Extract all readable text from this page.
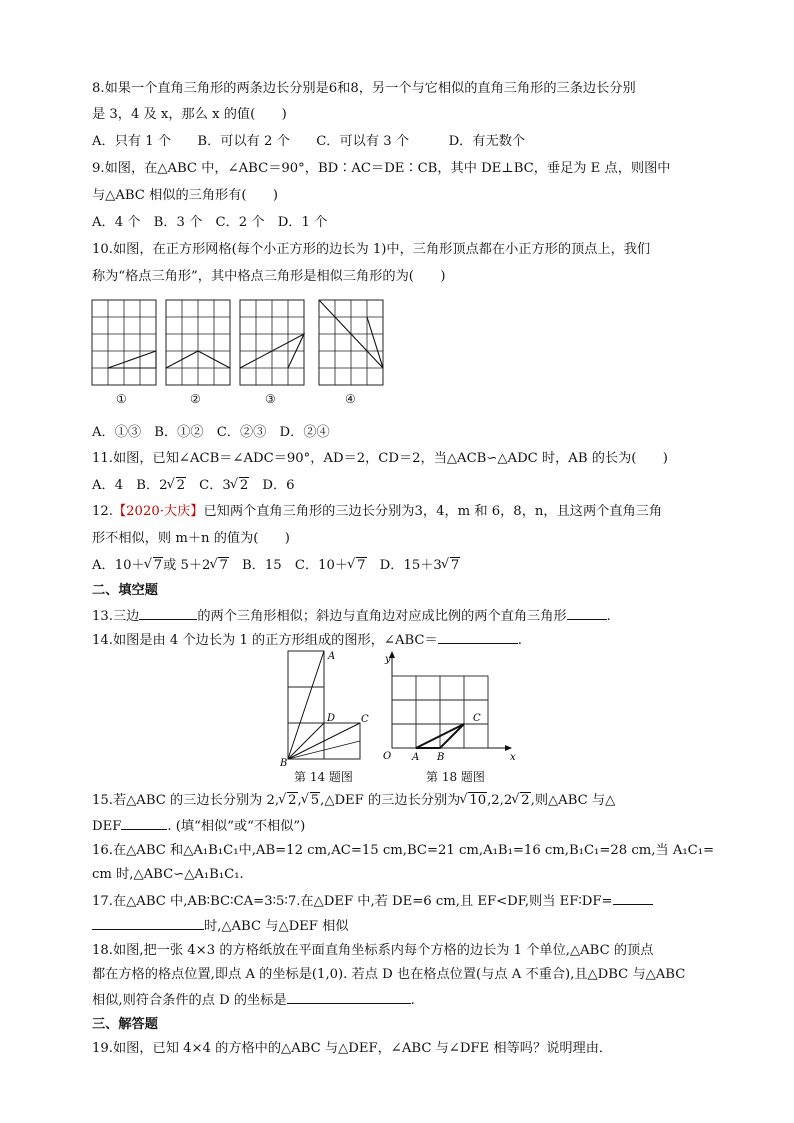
8.如果一个直角三角形的两条边长分别是6和8，另一个与它相似的直角三角形的三条边长分别
是 3，4 及 x，那么 x 的值(　　)
A．只有 1 个　　B．可以有 2 个　　C．可以有 3 个　　　D．有无数个
9.如图，在△ABC 中，∠ABC＝90°，BD∶AC＝DE∶CB，其中 DE⊥BC，垂足为 E 点，则图中
与△ABC 相似的三角形有(　　)
A．4 个　B．3 个　C．2 个　D．1 个
10.如图，在正方形网格(每个小正方形的边长为 1)中，三角形顶点都在小正方形的顶点上，我们
称为“格点三角形”，其中格点三角形是相似三角形的为(　　)
①	②	③	④
A．①③　B．①②　C．②③　D．②④
11.如图，已知∠ACB＝∠ADC＝90°，AD＝2，CD＝2，当△ACB∽△ADC 时，AB 的长为(　　)
A．4　B．2 √ 2　C．3 √ 2　D．6
12.【2020·大庆】已知两个直角三角形的三边长分别为3，4，m 和 6，8，n，且这两个直角三角
形不相似，则 m＋n 的值为(　　)
A．10＋ √ 7或 5＋2 √ 7　B．15　C．10＋ √ 7　D．15＋3 √ 7
二、填空题
13.三边	的两个三角形相似；斜边与直角边对应成比例的两个直角三角形	.
14.如图是由 4 个边长为 1 的正方形组成的图形，∠ABC＝	.
A
B
C
D
第 14 题图
y
x
O A B
C
第 18 题图
15.若△ABC 的三边长分别为 2, √ 2, √ 5,△DEF 的三边长分别为 √ 10,2,2 √ 2,则△ABC 与△
DEF	. (填“相似”或“不相似”)
16.在△ABC 和△A₁B₁C₁中,AB=12 cm,AC=15 cm,BC=21 cm,A₁B₁=16 cm,B₁C₁=28 cm,当 A₁C₁=
cm 时,△ABC∽△A₁B₁C₁.
17.在△ABC 中,AB∶BC∶CA=3∶5∶7.在△DEF 中,若 DE=6 cm,且 EF<DF,则当 EF∶DF=
时,△ABC 与△DEF 相似
18.如图,把一张 4×3 的方格纸放在平面直角坐标系内每个方格的边长为 1 个单位,△ABC 的顶点
都在方格的格点位置,即点 A 的坐标是(1,0). 若点 D 也在格点位置(与点 A 不重合),且△DBC 与△ABC
相似,则符合条件的点 D 的坐标是	.
三、解答题
19.如图，已知 4×4 的方格中的△ABC 与△DEF，∠ABC 与∠DFE 相等吗？说明理由．
